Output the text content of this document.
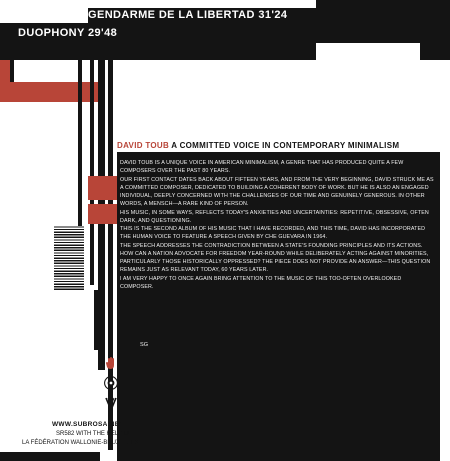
GENDARME DE LA LIBERTAD 31'24
DUOPHONY 29'48
DAVID TOUB A COMMITTED VOICE IN CONTEMPORARY MINIMALISM

DAVID TOUB IS A UNIQUE VOICE IN AMERICAN MINIMALISM, A GENRE THAT HAS PRODUCED QUITE A FEW COMPOSERS OVER THE PAST 80 YEARS.

OUR FIRST CONTACT DATES BACK ABOUT FIFTEEN YEARS, AND FROM THE VERY BEGINNING, DAVID STRUCK ME AS A COMMITTED COMPOSER, DEDICATED TO BUILDING A COHERENT BODY OF WORK. BUT HE IS ALSO AN ENGAGED INDIVIDUAL, DEEPLY CONCERNED WITH THE CHALLENGES OF OUR TIME AND GENUINELY GENEROUS. IN OTHER WORDS, A MENSCH—A RARE KIND OF PERSON.

HIS MUSIC, IN SOME WAYS, REFLECTS TODAY'S ANXIETIES AND UNCERTAINTIES: REPETITIVE, OBSESSIVE, OFTEN DARK, AND QUESTIONING.

THIS IS THE SECOND ALBUM OF HIS MUSIC THAT I HAVE RECORDED, AND THIS TIME, DAVID HAS INCORPORATED THE HUMAN VOICE TO FEATURE A SPEECH GIVEN BY CHE GUEVARA IN 1964.

THE SPEECH ADDRESSES THE CONTRADICTION BETWEEN A STATE'S FOUNDING PRINCIPLES AND ITS ACTIONS. HOW CAN A NATION ADVOCATE FOR FREEDOM YEAR-ROUND WHILE DELIBERATELY ACTING AGAINST MINORITIES, PARTICULARLY THOSE HISTORICALLY OPPRESSED? THE PIECE DOES NOT PROVIDE AN ANSWER—THIS QUESTION REMAINS JUST AS RELEVANT TODAY, 60 YEARS LATER.

I AM VERY HAPPY TO ONCE AGAIN BRING ATTENTION TO THE MUSIC OF THIS TOO-OFTEN OVERLOOKED COMPOSER.

SG
WWW.SUBROSA.NET
SR582 WITH THE HELP OF
LA FÉDÉRATION WALLONIE-BRUXELLES
